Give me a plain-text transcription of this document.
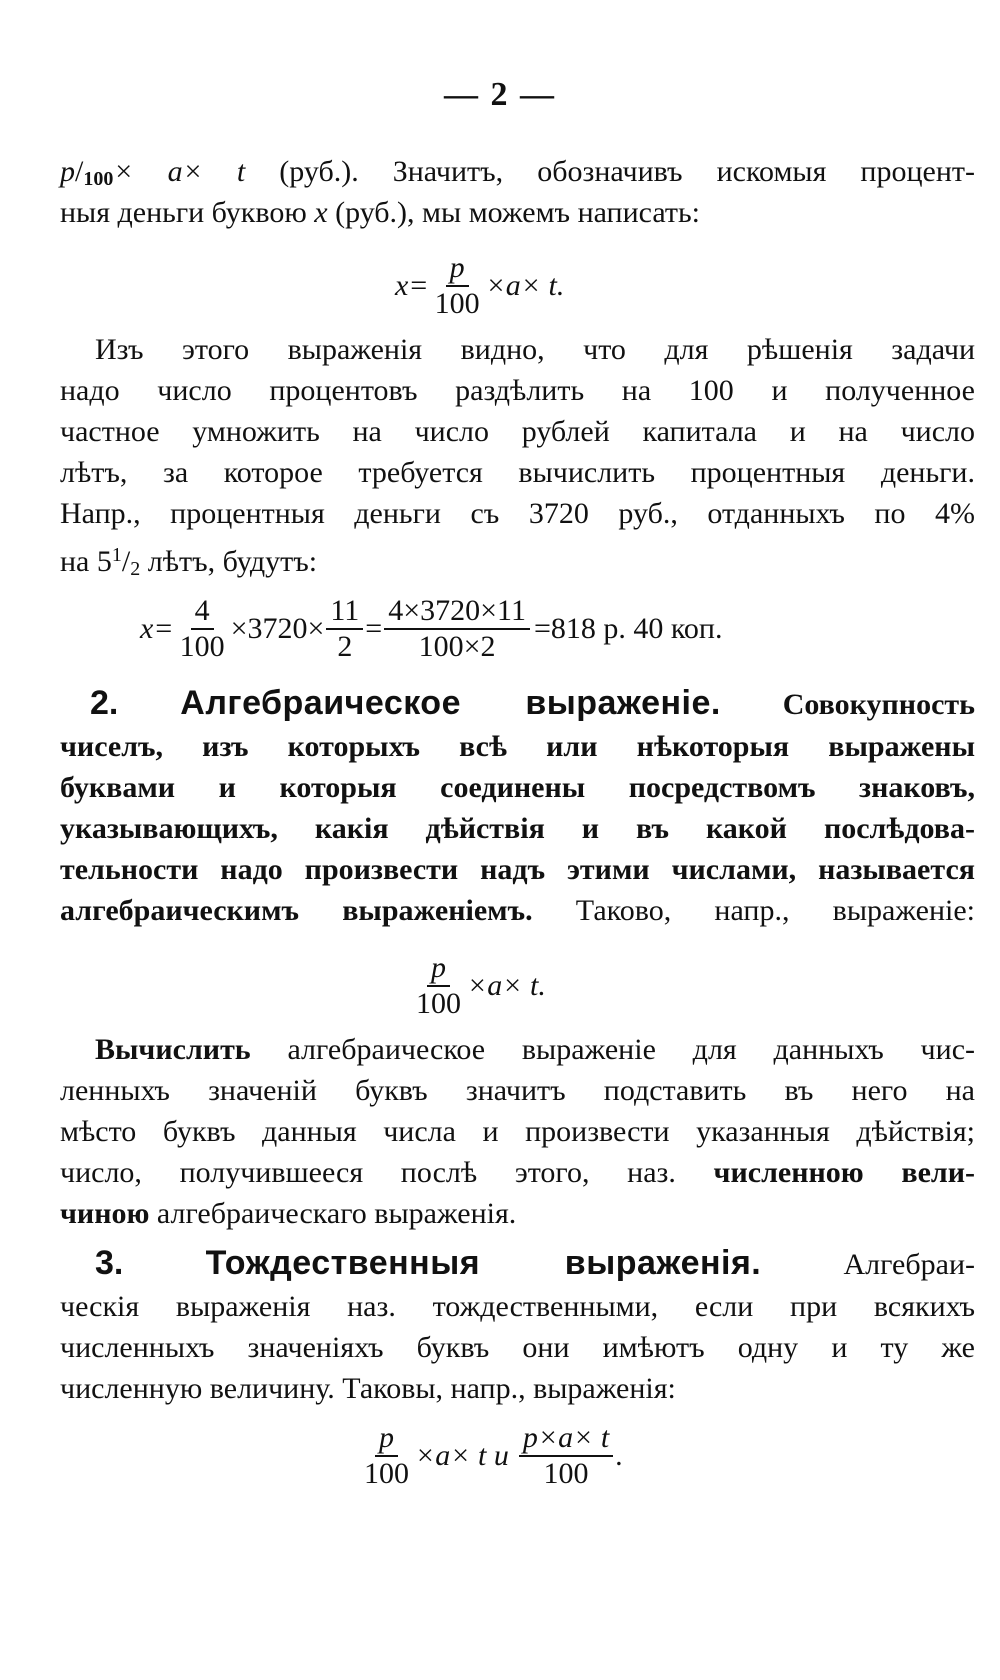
— 2 —
$p/_{100}\times a\times t$ (руб.). Значитъ, обозначивъ искомыя процент-
ныя деньги буквою x (руб.), мы можемъ написать:
$x= \frac{p}{100} \times a\times t$.
Изъ этого выраженія видно, что для рѣшенія задачи
надо число процентовъ раздѣлить на 100 и полученное
частное умножить на число рублей капитала и на число
лѣтъ, за которое требуется вычислить процентныя деньги.
Напр., процентныя деньги съ 3720 руб., отданныхъ по 4%
на $5^1/_2$ лѣтъ, будутъ:
$x= \frac{4}{100} \times 3720\times \frac{11}{2} = \frac{4\times 3720\times 11}{100\times 2} =818$ р. 40 коп.
2. Алгебраическое выраженіе. Совокупность
чиселъ, изъ которыхъ всѣ или нѣкоторыя выражены
буквами и которыя соединены посредствомъ знаковъ,
указывающихъ, какія дѣйствія и въ какой послѣдова-
тельности надо произвести надъ этими числами, называется
алгебраическимъ выраженіемъ. Таково, напр., выраженіе:
$\frac{p}{100} \times a\times t$.
Вычислить алгебраическое выраженіе для данныхъ чис-
ленныхъ значеній буквъ значитъ подставить въ него на
мѣсто буквъ данныя числа и произвести указанныя дѣйствія;
число, получившееся послѣ этого, наз. численною вели-
чиною алгебраическаго выраженія.
3. Тождественныя выраженія.	Алгебраи-
ческія выраженія наз. тождественными, если при всякихъ
численныхъ значеніяхъ буквъ они имѣютъ одну и ту же
численную величину. Таковы, напр., выраженія:
$\frac{p}{100} \times a\times t$ и $\frac{p\times a\times t}{100}$ .
